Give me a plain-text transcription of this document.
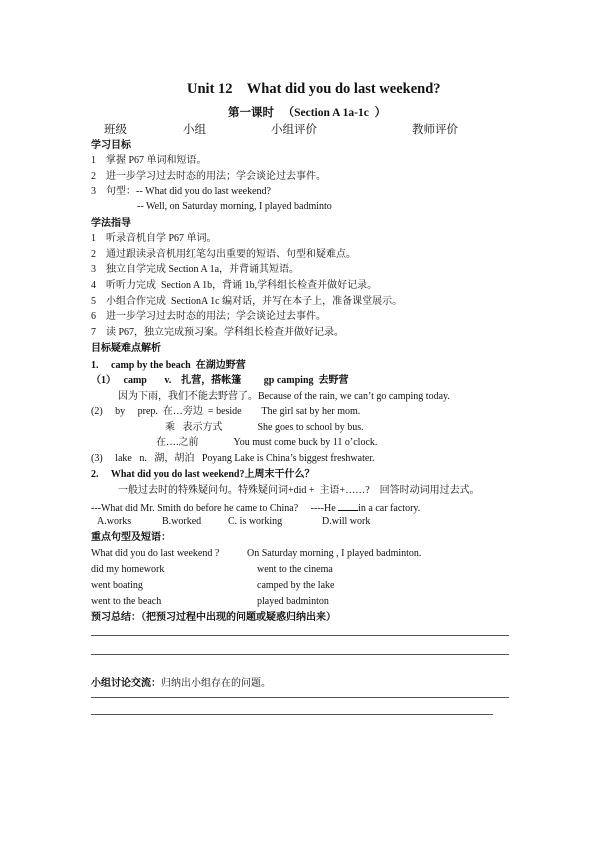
Unit 12    What did you do last weekend?
第一课时   （Section A 1a-1c  ）
班级	小组	小组评价	教师评价
学习目标
1    掌握 P67 单词和短语。
2    进一步学习过去时态的用法；学会谈论过去事件。
3    句型：-- What did you do last weekend?
-- Well, on Saturday morning, I played badminto
学法指导
1    听录音机自学 P67 单词。
2    通过跟读录音机用红笔勾出重要的短语、句型和疑难点。
3    独立自学完成 Section A 1a，并背诵其短语。
4    听听力完成  Section A 1b，背诵 1b,学科组长检查并做好记录。
5    小组合作完成  SectionA 1c 编对话，并写在本子上，准备课堂展示。
6    进一步学习过去时态的用法；学会谈论过去事件。
7    读 P67，独立完成预习案。学科组长检查并做好记录。
目标疑难点解析
1.     camp by the beach  在湖边野营
（1）   camp       v.    扎营，搭帐篷         gp camping  去野营
因为下雨，我们不能去野营了。Because of the rain, we can’t go camping today.
(2)     by     prep.  在…旁边  = beside        The girl sat by her mom.
乘   表示方式              She goes to school by bus.
在….之前              You must come buck by 11 o’clock.
(3)     lake   n.   湖，胡泊   Poyang Lake is China’s biggest freshwater.
2.     What did you do last weekend?上周末干什么？
一般过去时的特殊疑问句。特殊疑问词+did +  主语+……?    回答时动词用过去式。
---What did Mr. Smith do before he came to China?     ----He in a car factory.
A.works	B.worked	C. is working	D.will work
重点句型及短语：
What did you do last weekend ?	On Saturday morning , I played badminton.
did my homework	went to the cinema
went boating	camped by the lake
went to the beach	played badminton
预习总结：（把预习过程中出现的问题或疑惑归纳出来）
小组讨论交流：归纳出小组存在的问题。
